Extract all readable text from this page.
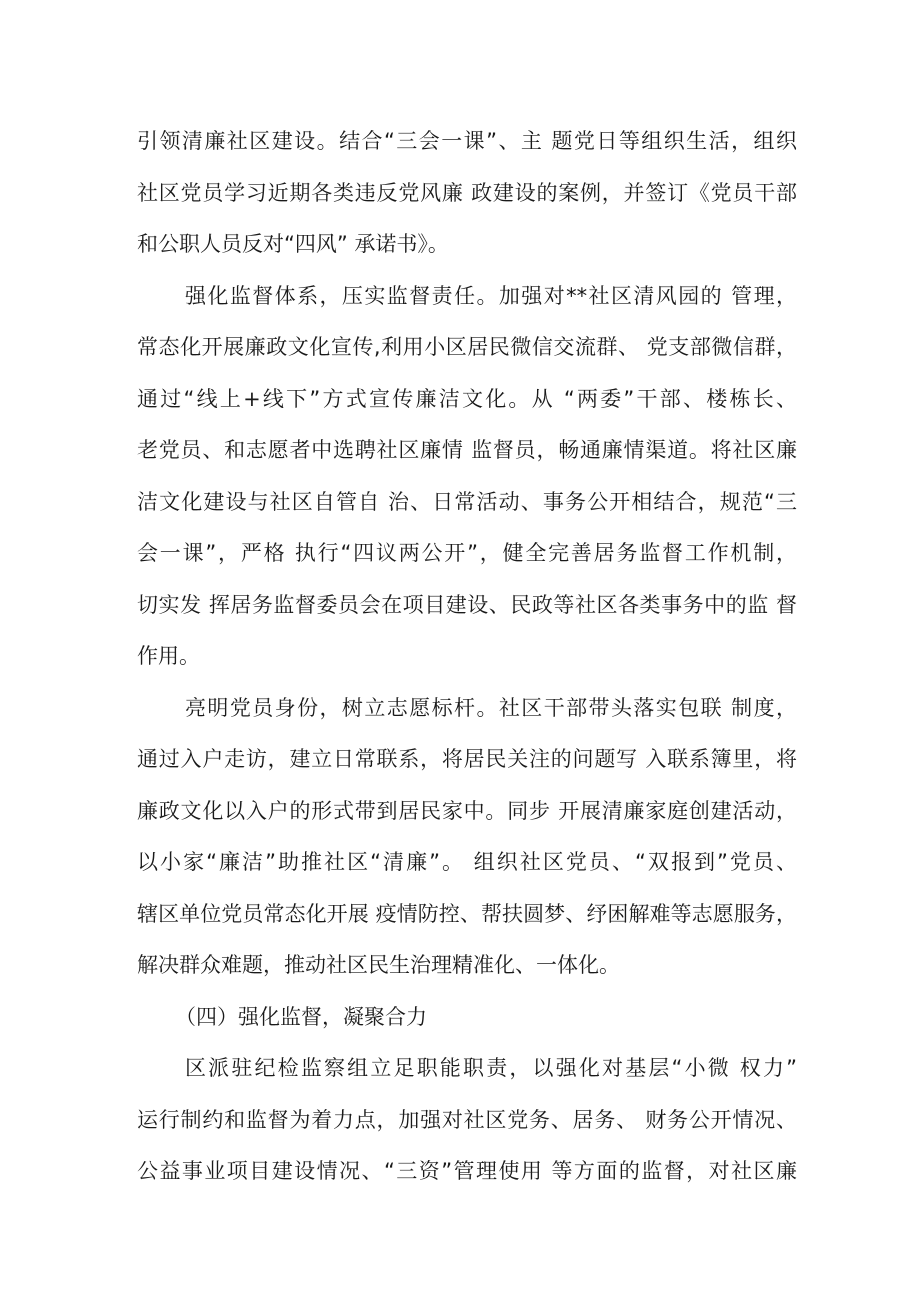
引领清廉社区建设。结合“三会一课”、主 题党日等组织生活，组织
社区党员学习近期各类违反党风廉 政建设的案例，并签订《党员干部
和公职人员反对“四风” 承诺书》。
强化监督体系，压实监督责任。加强对**社区清风园的 管理，
常态化开展廉政文化宣传,利用小区居民微信交流群、 党支部微信群，
通过“线上+线下”方式宣传廉洁文化。从 “两委”干部、楼栋长、
老党员、和志愿者中选聘社区廉情 监督员，畅通廉情渠道。将社区廉
洁文化建设与社区自管自 治、日常活动、事务公开相结合，规范“三
会一课”，严格 执行“四议两公开”，健全完善居务监督工作机制，
切实发 挥居务监督委员会在项目建设、民政等社区各类事务中的监 督
作用。
亮明党员身份，树立志愿标杆。社区干部带头落实包联 制度，
通过入户走访，建立日常联系，将居民关注的问题写 入联系簿里，将
廉政文化以入户的形式带到居民家中。同步 开展清廉家庭创建活动，
以小家“廉洁”助推社区“清廉”。 组织社区党员、“双报到”党员、
辖区单位党员常态化开展 疫情防控、帮扶圆梦、纾困解难等志愿服务，
解决群众难题，推动社区民生治理精准化、一体化。
（四）强化监督，凝聚合力
区派驻纪检监察组立足职能职责，以强化对基层“小微 权力”
运行制约和监督为着力点，加强对社区党务、居务、 财务公开情况、
公益事业项目建设情况、“三资”管理使用 等方面的监督，对社区廉
